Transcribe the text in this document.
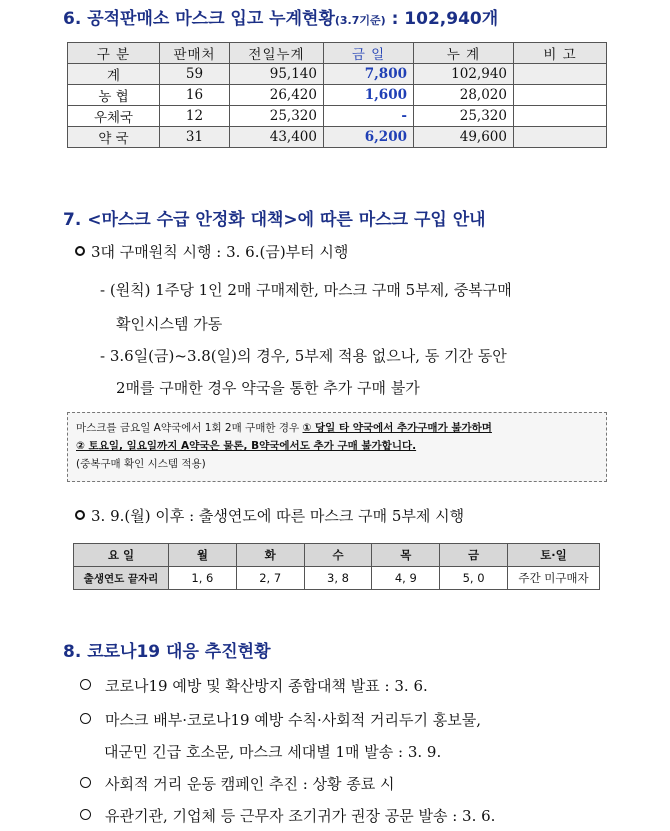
6. 공적판매소 마스크 입고 누계현황(3.7기준) : 102,940개
구 분	판매처	전일누계	금 일	누 계	비 고
계	59	95,140	7,800	102,940	
농 협	16	26,420	1,600	28,020	
우체국	12	25,320	-	25,320	
약 국	31	43,400	6,200	49,600	
7. <마스크 수급 안정화 대책>에 따른 마스크 구입 안내
3대 구매원칙 시행 : 3. 6.(금)부터 시행
- (원칙) 1주당 1인 2매 구매제한, 마스크 구매 5부제, 중복구매
확인시스템 가동
- 3.6일(금)~3.8(일)의 경우, 5부제 적용 없으나, 동 기간 동안
2매를 구매한 경우 약국을 통한 추가 구매 불가
마스크를 금요일 A약국에서 1회 2매 구매한 경우 ① 당일 타 약국에서 추가구매가 불가하며
② 토요일, 일요일까지 A약국은 물론, B약국에서도 추가 구매 불가합니다.
(중복구매 확인 시스템 적용)
3. 9.(월) 이후 : 출생연도에 따른 마스크 구매 5부제 시행
요 일	월	화	수	목	금	토·일
출생연도 끝자리	1, 6	2, 7	3, 8	4, 9	5, 0	주간 미구매자
8. 코로나19 대응 추진현황
코로나19 예방 및 확산방지 종합대책 발표 : 3. 6.
마스크 배부·코로나19 예방 수칙·사회적 거리두기 홍보물,
대군민 긴급 호소문, 마스크 세대별 1매 발송 : 3. 9.
사회적 거리 운동 캠페인 추진 : 상황 종료 시
유관기관, 기업체 등 근무자 조기귀가 권장 공문 발송 : 3. 6.
